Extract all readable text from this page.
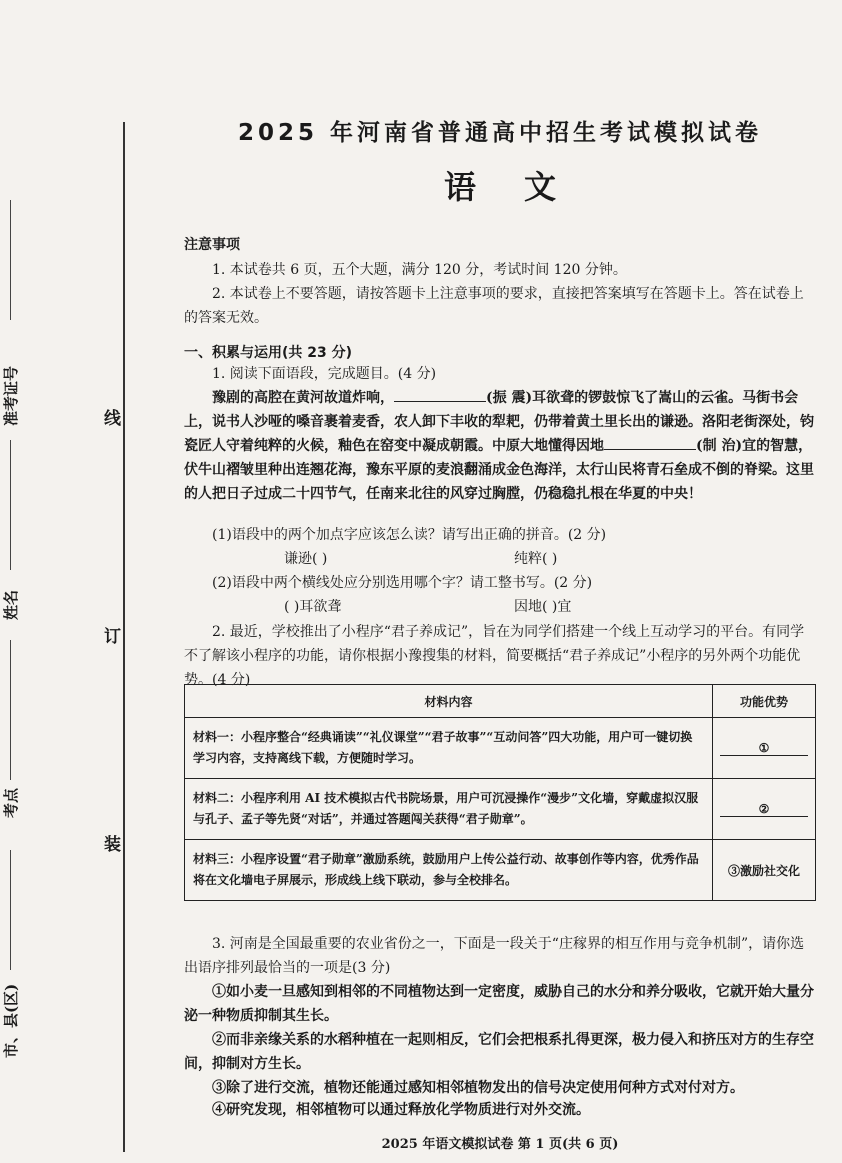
线
订
装
准考证号
姓名
考点
市、县(区)
2025 年河南省普通高中招生考试模拟试卷
语文
注意事项
1. 本试卷共 6 页，五个大题，满分 120 分，考试时间 120 分钟。
2. 本试卷上不要答题，请按答题卡上注意事项的要求，直接把答案填写在答题卡上。答在试卷上的答案无效。
一、积累与运用(共 23 分)
1. 阅读下面语段，完成题目。(4 分)
豫剧的高腔在黄河故道炸响，	(振 震)耳欲聋的锣鼓惊飞了嵩山的云雀。马街书会上，说书人沙哑的嗓音裹着麦香，农人卸下丰收的犁耙，仍带着黄土里长出的谦逊。洛阳老街深处，钧瓷匠人守着纯粹的火候，釉色在窑变中凝成朝霞。中原大地懂得因地	(制 治)宜的智慧，伏牛山褶皱里种出连翘花海，豫东平原的麦浪翻涌成金色海洋，太行山民将青石垒成不倒的脊梁。这里的人把日子过成二十四节气，任南来北往的风穿过胸膛，仍稳稳扎根在华夏的中央！
(1)语段中的两个加点字应该怎么读？请写出正确的拼音。(2 分)
谦逊( )	纯粹( )
(2)语段中两个横线处应分别选用哪个字？请工整书写。(2 分)
( )耳欲聋	因地( )宜
2. 最近，学校推出了小程序“君子养成记”，旨在为同学们搭建一个线上互动学习的平台。有同学不了解该小程序的功能，请你根据小豫搜集的材料，简要概括“君子养成记”小程序的另外两个功能优势。(4 分)
材料内容	功能优势
材料一：小程序整合“经典诵读”“礼仪课堂”“君子故事”“互动问答”四大功能，用户可一键切换学习内容，支持离线下载，方便随时学习。	①
材料二：小程序利用 AI 技术模拟古代书院场景，用户可沉浸操作“漫步”文化墙，穿戴虚拟汉服与孔子、孟子等先贤“对话”，并通过答题闯关获得“君子勋章”。	②
材料三：小程序设置“君子勋章”激励系统，鼓励用户上传公益行动、故事创作等内容，优秀作品将在文化墙电子屏展示，形成线上线下联动，参与全校排名。	③激励社交化
3. 河南是全国最重要的农业省份之一，下面是一段关于“庄稼界的相互作用与竞争机制”，请你选出语序排列最恰当的一项是(3 分)
①如小麦一旦感知到相邻的不同植物达到一定密度，威胁自己的水分和养分吸收，它就开始大量分泌一种物质抑制其生长。
②而非亲缘关系的水稻种植在一起则相反，它们会把根系扎得更深，极力侵入和挤压对方的生存空间，抑制对方生长。
③除了进行交流，植物还能通过感知相邻植物发出的信号决定使用何种方式对付对方。
④研究发现，相邻植物可以通过释放化学物质进行对外交流。
2025 年语文模拟试卷 第 1 页(共 6 页)
